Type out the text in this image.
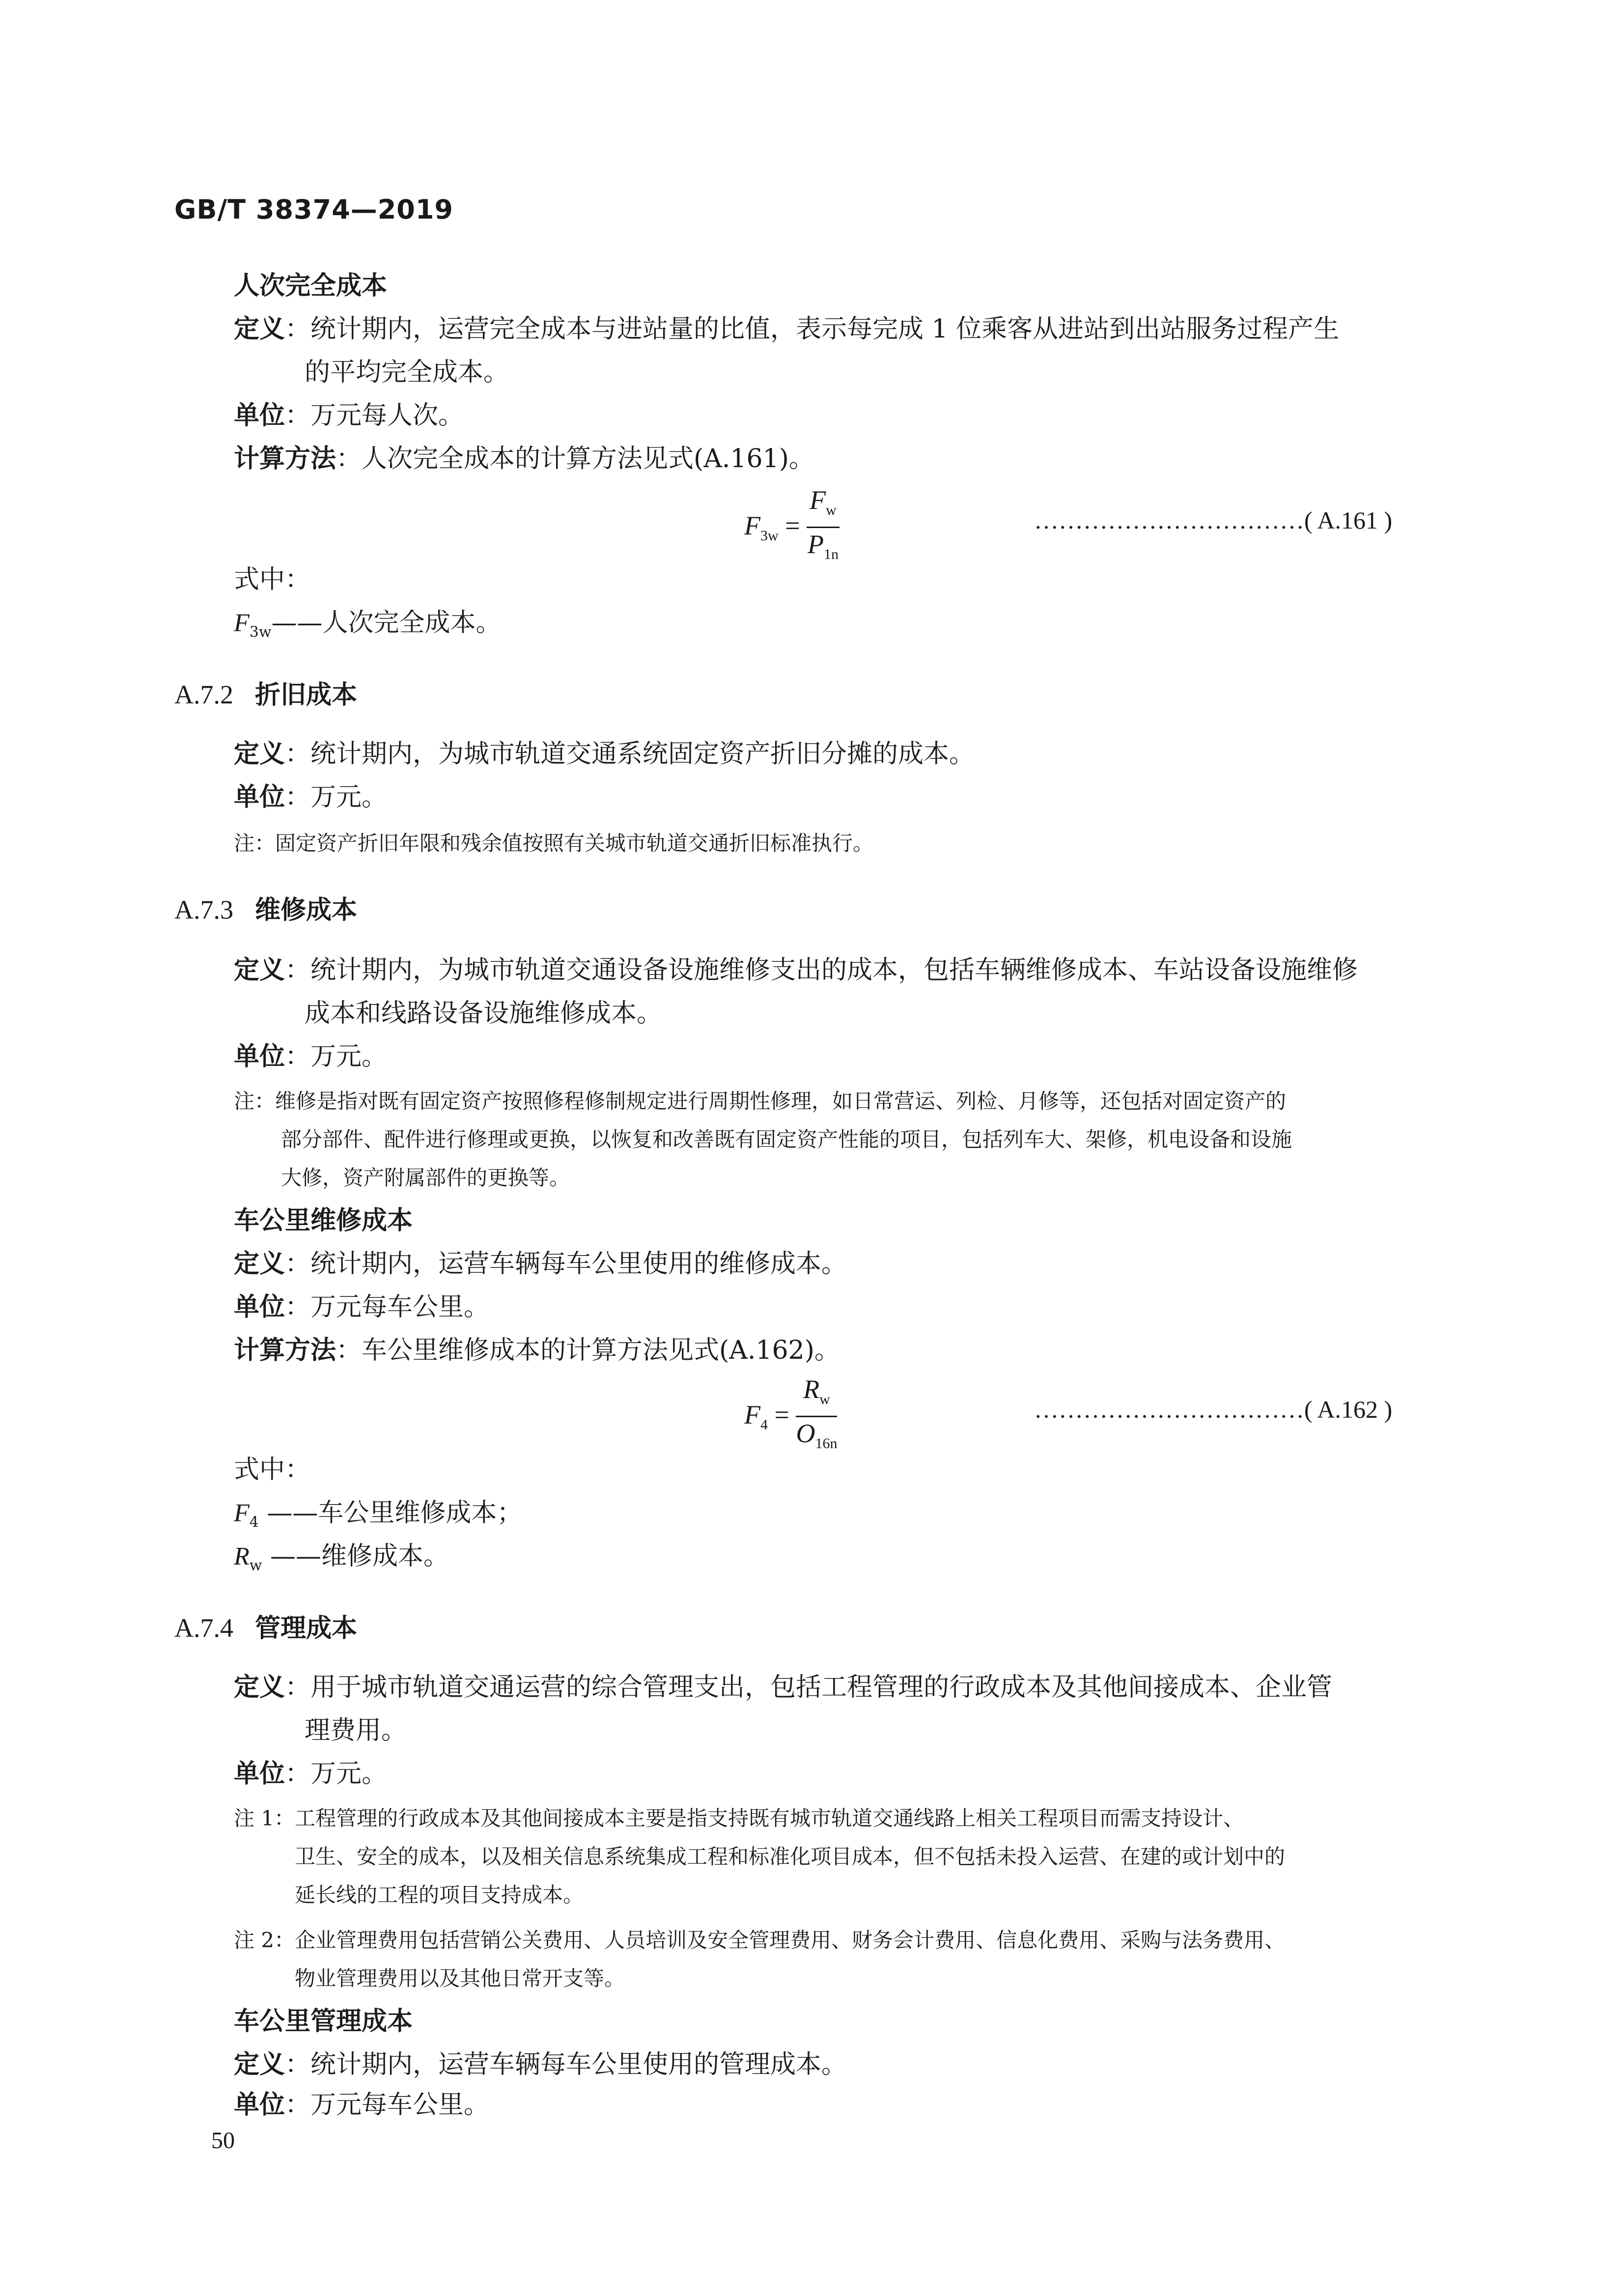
GB/T 38374—2019
人次完全成本
定义：统计期内，运营完全成本与进站量的比值，表示每完成 1 位乘客从进站到出站服务过程产生
的平均完全成本。
单位：万元每人次。
计算方法：人次完全成本的计算方法见式(A.161)。
$F_{3w} = \frac{F_w}{P_{1n}}$	……………………………( A.161 )
式中：
$F_{3w}——$人次完全成本。
A.7.2 折旧成本
定义：统计期内，为城市轨道交通系统固定资产折旧分摊的成本。
单位：万元。
注：固定资产折旧年限和残余值按照有关城市轨道交通折旧标准执行。
A.7.3 维修成本
定义：统计期内，为城市轨道交通设备设施维修支出的成本，包括车辆维修成本、车站设备设施维修
成本和线路设备设施维修成本。
单位：万元。
注：维修是指对既有固定资产按照修程修制规定进行周期性修理，如日常营运、列检、月修等，还包括对固定资产的
部分部件、配件进行修理或更换，以恢复和改善既有固定资产性能的项目，包括列车大、架修，机电设备和设施
大修，资产附属部件的更换等。
车公里维修成本
定义：统计期内，运营车辆每车公里使用的维修成本。
单位：万元每车公里。
计算方法：车公里维修成本的计算方法见式(A.162)。
$F_4 = \frac{R_w}{O_{16n}}$	……………………………( A.162 )
式中：
$F_4$ ——车公里维修成本；
$R_w$ ——维修成本。
A.7.4 管理成本
定义：用于城市轨道交通运营的综合管理支出，包括工程管理的行政成本及其他间接成本、企业管
理费用。
单位：万元。
注 1：工程管理的行政成本及其他间接成本主要是指支持既有城市轨道交通线路上相关工程项目而需支持设计、
卫生、安全的成本，以及相关信息系统集成工程和标准化项目成本，但不包括未投入运营、在建的或计划中的
延长线的工程的项目支持成本。
注 2：企业管理费用包括营销公关费用、人员培训及安全管理费用、财务会计费用、信息化费用、采购与法务费用、
物业管理费用以及其他日常开支等。
车公里管理成本
定义：统计期内，运营车辆每车公里使用的管理成本。
单位：万元每车公里。
50
